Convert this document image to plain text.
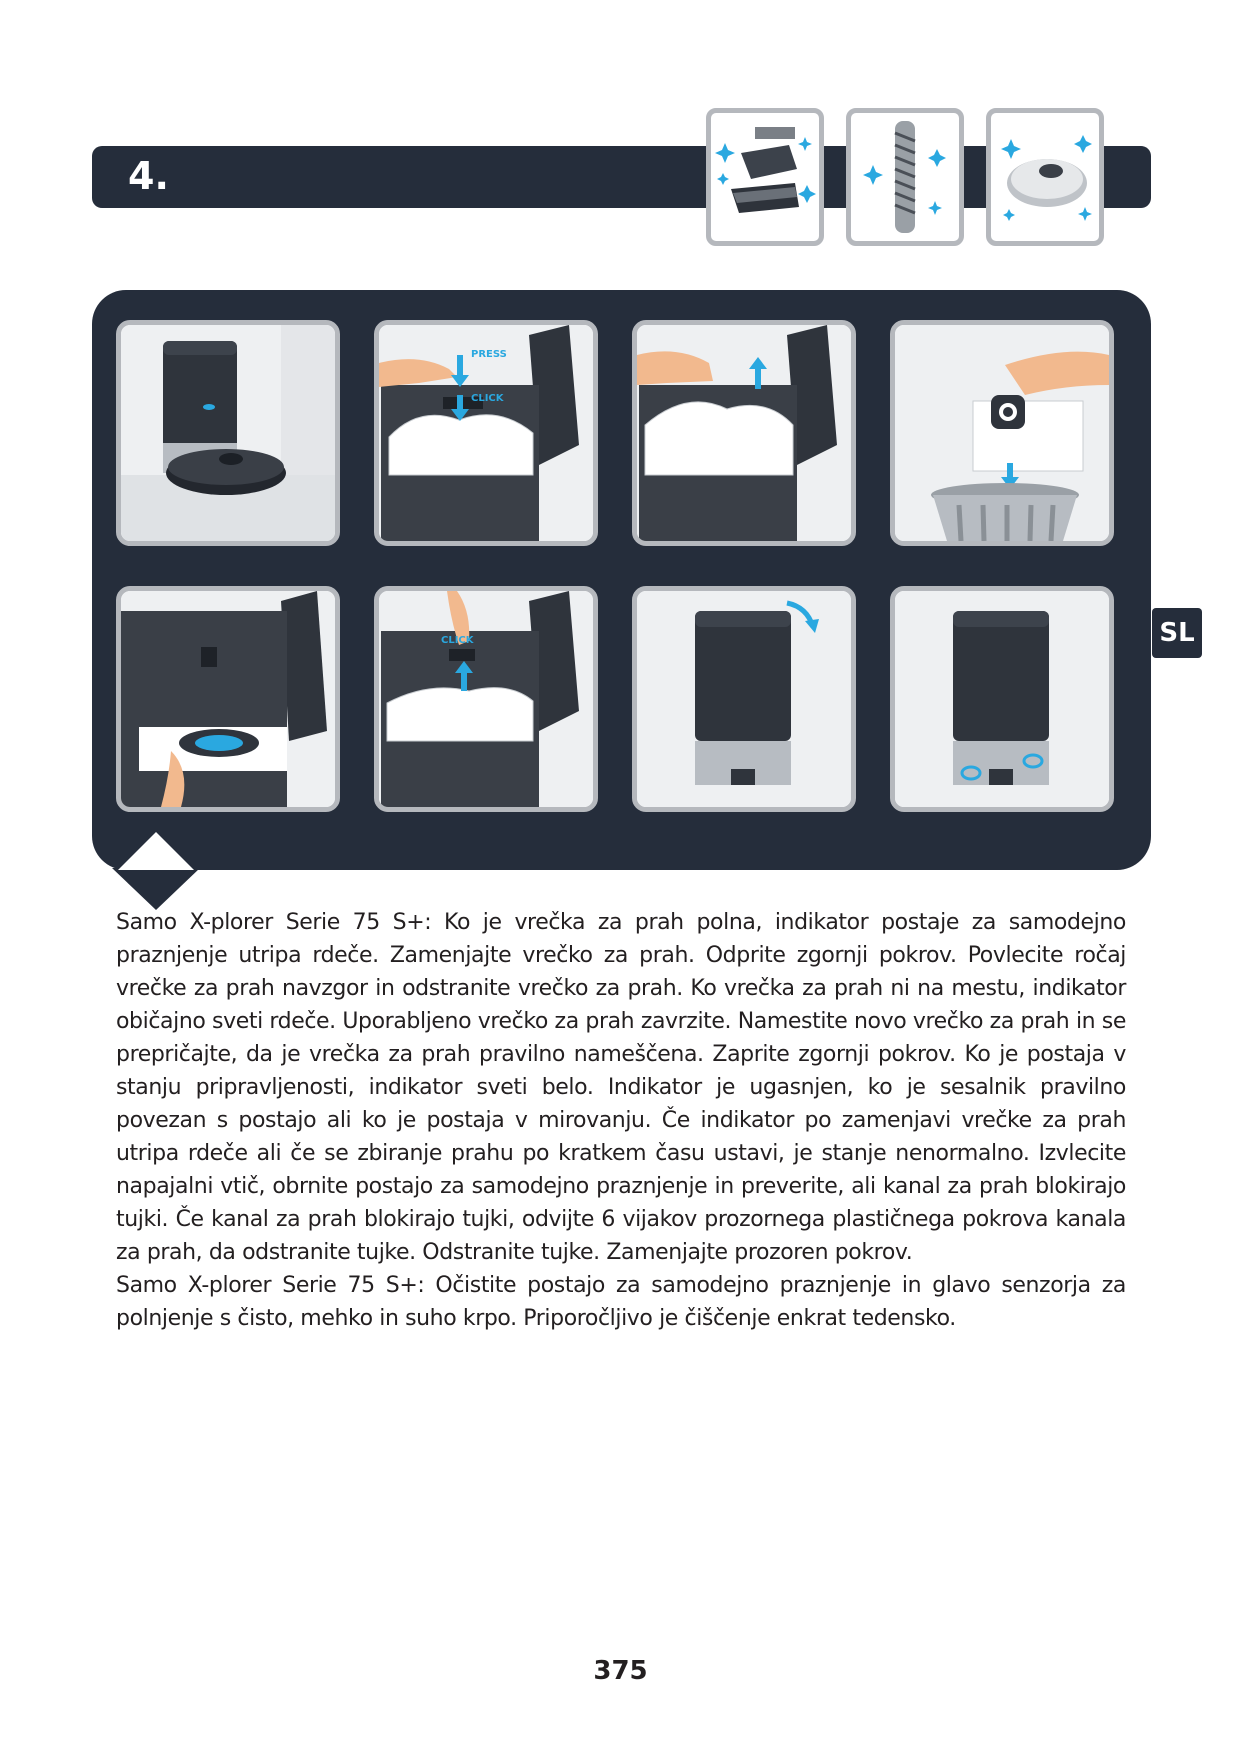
4.
PRESS
CLICK
CLICK	SL

Samo X-plorer Serie 75 S+: Ko je vrečka za prah polna, indikator postaje za samodejno praznjenje utripa rdeče. Zamenjajte vrečko za prah. Odprite zgornji pokrov. Povlecite ročaj vrečke za prah navzgor in odstranite vrečko za prah. Ko vrečka za prah ni na mestu, indikator običajno sveti rdeče. Uporabljeno vrečko za prah zavrzite. Namestite novo vrečko za prah in se prepričajte, da je vrečka za prah pravilno nameščena. Zaprite zgornji pokrov. Ko je postaja v stanju pripravljenosti, indikator sveti belo. Indikator je ugasnjen, ko je sesalnik pravilno povezan s postajo ali ko je postaja v mirovanju. Če indikator po zamenjavi vrečke za prah utripa rdeče ali če se zbiranje prahu po kratkem času ustavi, je stanje nenormalno. Izvlecite napajalni vtič, obrnite postajo za samodejno praznjenje in preverite, ali kanal za prah blokirajo tujki. Če kanal za prah blokirajo tujki, odvijte 6 vijakov prozornega plastičnega pokrova kanala za prah, da odstranite tujke. Odstranite tujke. Zamenjajte prozoren pokrov.

Samo X-plorer Serie 75 S+: Očistite postajo za samodejno praznjenje in glavo senzorja za polnjenje s čisto, mehko in suho krpo. Priporočljivo je čiščenje enkrat tedensko.

375
